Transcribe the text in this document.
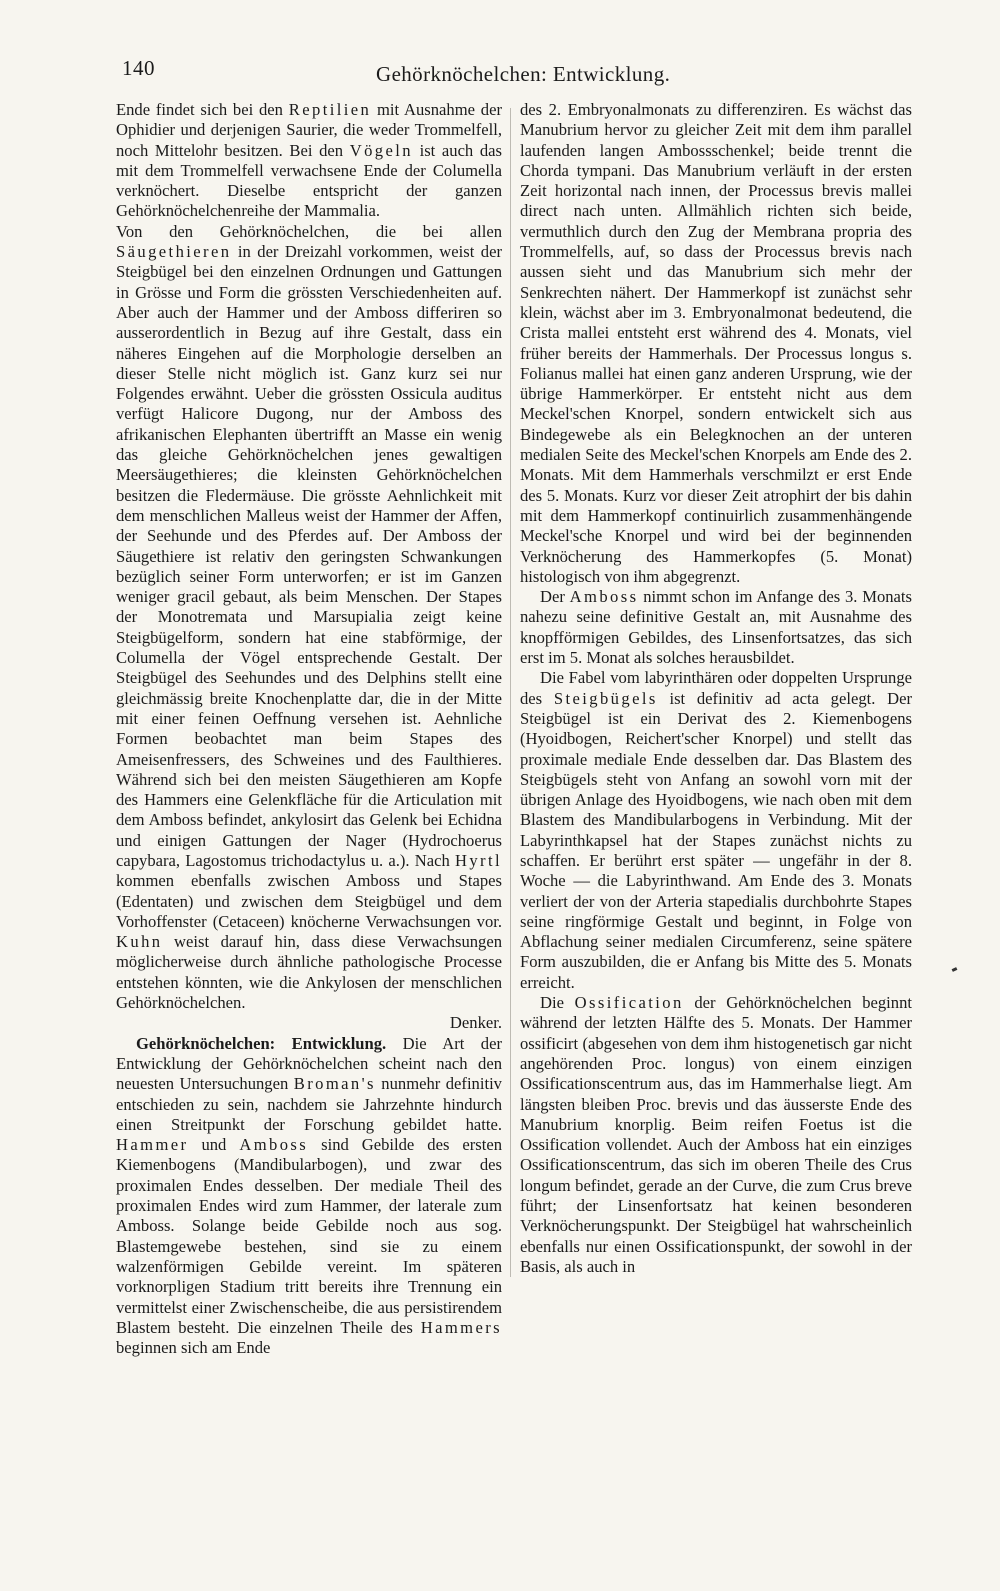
140	Gehörknöchelchen: Entwicklung.

Ende findet sich bei den Reptilien mit Ausnahme der Ophidier und derjenigen Saurier, die weder Trommelfell, noch Mittelohr besitzen. Bei den Vögeln ist auch das mit dem Trommelfell verwachsene Ende der Columella verknöchert. Dieselbe entspricht der ganzen Gehörknöchelchenreihe der Mammalia.

Von den Gehörknöchelchen, die bei allen Säugethieren in der Dreizahl vorkommen, weist der Steigbügel bei den einzelnen Ordnungen und Gattungen in Grösse und Form die grössten Verschiedenheiten auf. Aber auch der Hammer und der Amboss differiren so ausserordentlich in Bezug auf ihre Gestalt, dass ein näheres Eingehen auf die Morphologie derselben an dieser Stelle nicht möglich ist. Ganz kurz sei nur Folgendes erwähnt. Ueber die grössten Ossicula auditus verfügt Halicore Dugong, nur der Amboss des afrikanischen Elephanten übertrifft an Masse ein wenig das gleiche Gehörknöchelchen jenes gewaltigen Meersäugethieres; die kleinsten Gehörknöchelchen besitzen die Fledermäuse. Die grösste Aehnlichkeit mit dem menschlichen Malleus weist der Hammer der Affen, der Seehunde und des Pferdes auf. Der Amboss der Säugethiere ist relativ den geringsten Schwankungen bezüglich seiner Form unterworfen; er ist im Ganzen weniger gracil gebaut, als beim Menschen. Der Stapes der Monotremata und Marsupialia zeigt keine Steigbügelform, sondern hat eine stabförmige, der Columella der Vögel entsprechende Gestalt. Der Steigbügel des Seehundes und des Delphins stellt eine gleichmässig breite Knochenplatte dar, die in der Mitte mit einer feinen Oeffnung versehen ist. Aehnliche Formen beobachtet man beim Stapes des Ameisenfressers, des Schweines und des Faulthieres. Während sich bei den meisten Säugethieren am Kopfe des Hammers eine Gelenkfläche für die Articulation mit dem Amboss befindet, ankylosirt das Gelenk bei Echidna und einigen Gattungen der Nager (Hydrochoerus capybara, Lagostomus trichodactylus u. a.). Nach Hyrtl kommen ebenfalls zwischen Amboss und Stapes (Edentaten) und zwischen dem Steigbügel und dem Vorhoffenster (Cetaceen) knöcherne Verwachsungen vor. Kuhn weist darauf hin, dass diese Verwachsungen möglicherweise durch ähnliche pathologische Processe entstehen könnten, wie die Ankylosen der menschlichen Gehörknöchelchen.

Denker.

Gehörknöchelchen: Entwicklung. Die Art der Entwicklung der Gehörknöchelchen scheint nach den neuesten Untersuchungen Broman's nunmehr definitiv entschieden zu sein, nachdem sie Jahrzehnte hindurch einen Streitpunkt der Forschung gebildet hatte. Hammer und Amboss sind Gebilde des ersten Kiemenbogens (Mandibularbogen), und zwar des proximalen Endes desselben. Der mediale Theil des proximalen Endes wird zum Hammer, der laterale zum Amboss. Solange beide Gebilde noch aus sog. Blastemgewebe bestehen, sind sie zu einem walzenförmigen Gebilde vereint. Im späteren vorknorpligen Stadium tritt bereits ihre Trennung ein vermittelst einer Zwischenscheibe, die aus persistirendem Blastem besteht. Die einzelnen Theile des Hammers beginnen sich am Ende

des 2. Embryonalmonats zu differenziren. Es wächst das Manubrium hervor zu gleicher Zeit mit dem ihm parallel laufenden langen Ambossschenkel; beide trennt die Chorda tympani. Das Manubrium verläuft in der ersten Zeit horizontal nach innen, der Processus brevis mallei direct nach unten. Allmählich richten sich beide, vermuthlich durch den Zug der Membrana propria des Trommelfells, auf, so dass der Processus brevis nach aussen sieht und das Manubrium sich mehr der Senkrechten nähert. Der Hammerkopf ist zunächst sehr klein, wächst aber im 3. Embryonalmonat bedeutend, die Crista mallei entsteht erst während des 4. Monats, viel früher bereits der Hammerhals. Der Processus longus s. Folianus mallei hat einen ganz anderen Ursprung, wie der übrige Hammerkörper. Er entsteht nicht aus dem Meckel'schen Knorpel, sondern entwickelt sich aus Bindegewebe als ein Belegknochen an der unteren medialen Seite des Meckel'schen Knorpels am Ende des 2. Monats. Mit dem Hammerhals verschmilzt er erst Ende des 5. Monats. Kurz vor dieser Zeit atrophirt der bis dahin mit dem Hammerkopf continuirlich zusammenhängende Meckel'sche Knorpel und wird bei der beginnenden Verknöcherung des Hammerkopfes (5. Monat) histologisch von ihm abgegrenzt.

Der Amboss nimmt schon im Anfange des 3. Monats nahezu seine definitive Gestalt an, mit Ausnahme des knopfförmigen Gebildes, des Linsenfortsatzes, das sich erst im 5. Monat als solches herausbildet.

Die Fabel vom labyrinthären oder doppelten Ursprunge des Steigbügels ist definitiv ad acta gelegt. Der Steigbügel ist ein Derivat des 2. Kiemenbogens (Hyoidbogen, Reichert'scher Knorpel) und stellt das proximale mediale Ende desselben dar. Das Blastem des Steigbügels steht von Anfang an sowohl vorn mit der übrigen Anlage des Hyoidbogens, wie nach oben mit dem Blastem des Mandibularbogens in Verbindung. Mit der Labyrinthkapsel hat der Stapes zunächst nichts zu schaffen. Er berührt erst später — ungefähr in der 8. Woche — die Labyrinthwand. Am Ende des 3. Monats verliert der von der Arteria stapedialis durchbohrte Stapes seine ringförmige Gestalt und beginnt, in Folge von Abflachung seiner medialen Circumferenz, seine spätere Form auszubilden, die er Anfang bis Mitte des 5. Monats erreicht.

Die Ossification der Gehörknöchelchen beginnt während der letzten Hälfte des 5. Monats. Der Hammer ossificirt (abgesehen von dem ihm histogenetisch gar nicht angehörenden Proc. longus) von einem einzigen Ossificationscentrum aus, das im Hammerhalse liegt. Am längsten bleiben Proc. brevis und das äusserste Ende des Manubrium knorplig. Beim reifen Foetus ist die Ossification vollendet. Auch der Amboss hat ein einziges Ossificationscentrum, das sich im oberen Theile des Crus longum befindet, gerade an der Curve, die zum Crus breve führt; der Linsenfortsatz hat keinen besonderen Verknöcherungspunkt. Der Steigbügel hat wahrscheinlich ebenfalls nur einen Ossificationspunkt, der sowohl in der Basis, als auch in
